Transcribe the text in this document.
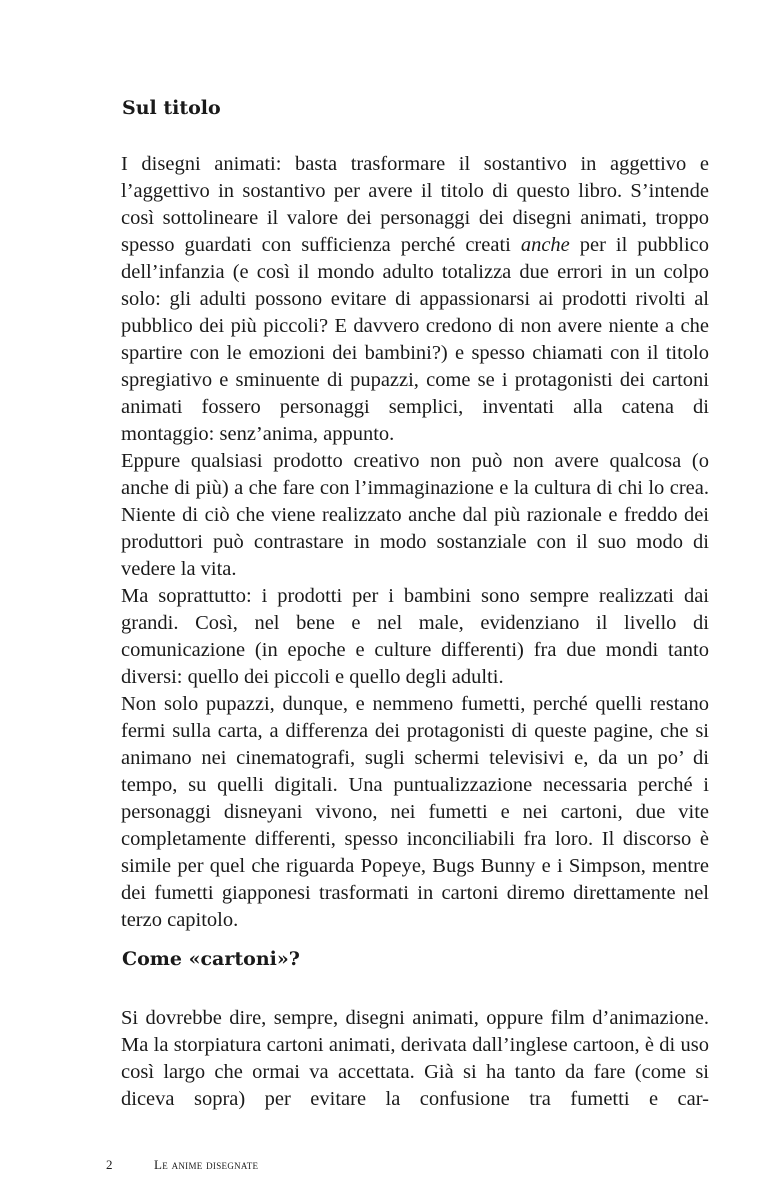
Sul titolo

I disegni animati: basta trasformare il sostantivo in aggettivo e l’aggettivo in sostantivo per avere il titolo di questo libro. S’intende così sottolineare il valore dei personaggi dei disegni animati, troppo spesso guardati con sufficienza perché creati anche per il pubblico dell’infanzia (e così il mondo adulto totalizza due errori in un colpo solo: gli adulti possono evitare di appassionarsi ai prodotti rivolti al pubblico dei più piccoli? E davvero credono di non avere niente a che spartire con le emozioni dei bambini?) e spesso chiamati con il titolo spregiativo e sminuente di pupazzi, come se i protagonisti dei cartoni animati fossero personaggi semplici, inventati alla catena di montaggio: senz’anima, appunto.

Eppure qualsiasi prodotto creativo non può non avere qualcosa (o anche di più) a che fare con l’immaginazione e la cultura di chi lo crea. Niente di ciò che viene realizzato anche dal più razionale e freddo dei produttori può contrastare in modo sostanziale con il suo modo di vedere la vita.

Ma soprattutto: i prodotti per i bambini sono sempre realizzati dai grandi. Così, nel bene e nel male, evidenziano il livello di comunicazione (in epoche e culture differenti) fra due mondi tanto diversi: quello dei piccoli e quello degli adulti.

Non solo pupazzi, dunque, e nemmeno fumetti, perché quelli restano fermi sulla carta, a differenza dei protagonisti di queste pagine, che si animano nei cinematografi, sugli schermi televisivi e, da un po’ di tempo, su quelli digitali. Una puntualizzazione necessaria perché i personaggi disneyani vivono, nei fumetti e nei cartoni, due vite completamente differenti, spesso inconciliabili fra loro. Il discorso è simile per quel che riguarda Popeye, Bugs Bunny e i Simpson, mentre dei fumetti giapponesi trasformati in cartoni diremo direttamente nel terzo capitolo.

Come «cartoni»?

Si dovrebbe dire, sempre, disegni animati, oppure film d’animazione. Ma la storpiatura cartoni animati, derivata dall’inglese cartoon, è di uso così largo che ormai va accettata. Già si ha tanto da fare (come si diceva sopra) per evitare la confusione tra fumetti e car-

2	Le anime disegnate
